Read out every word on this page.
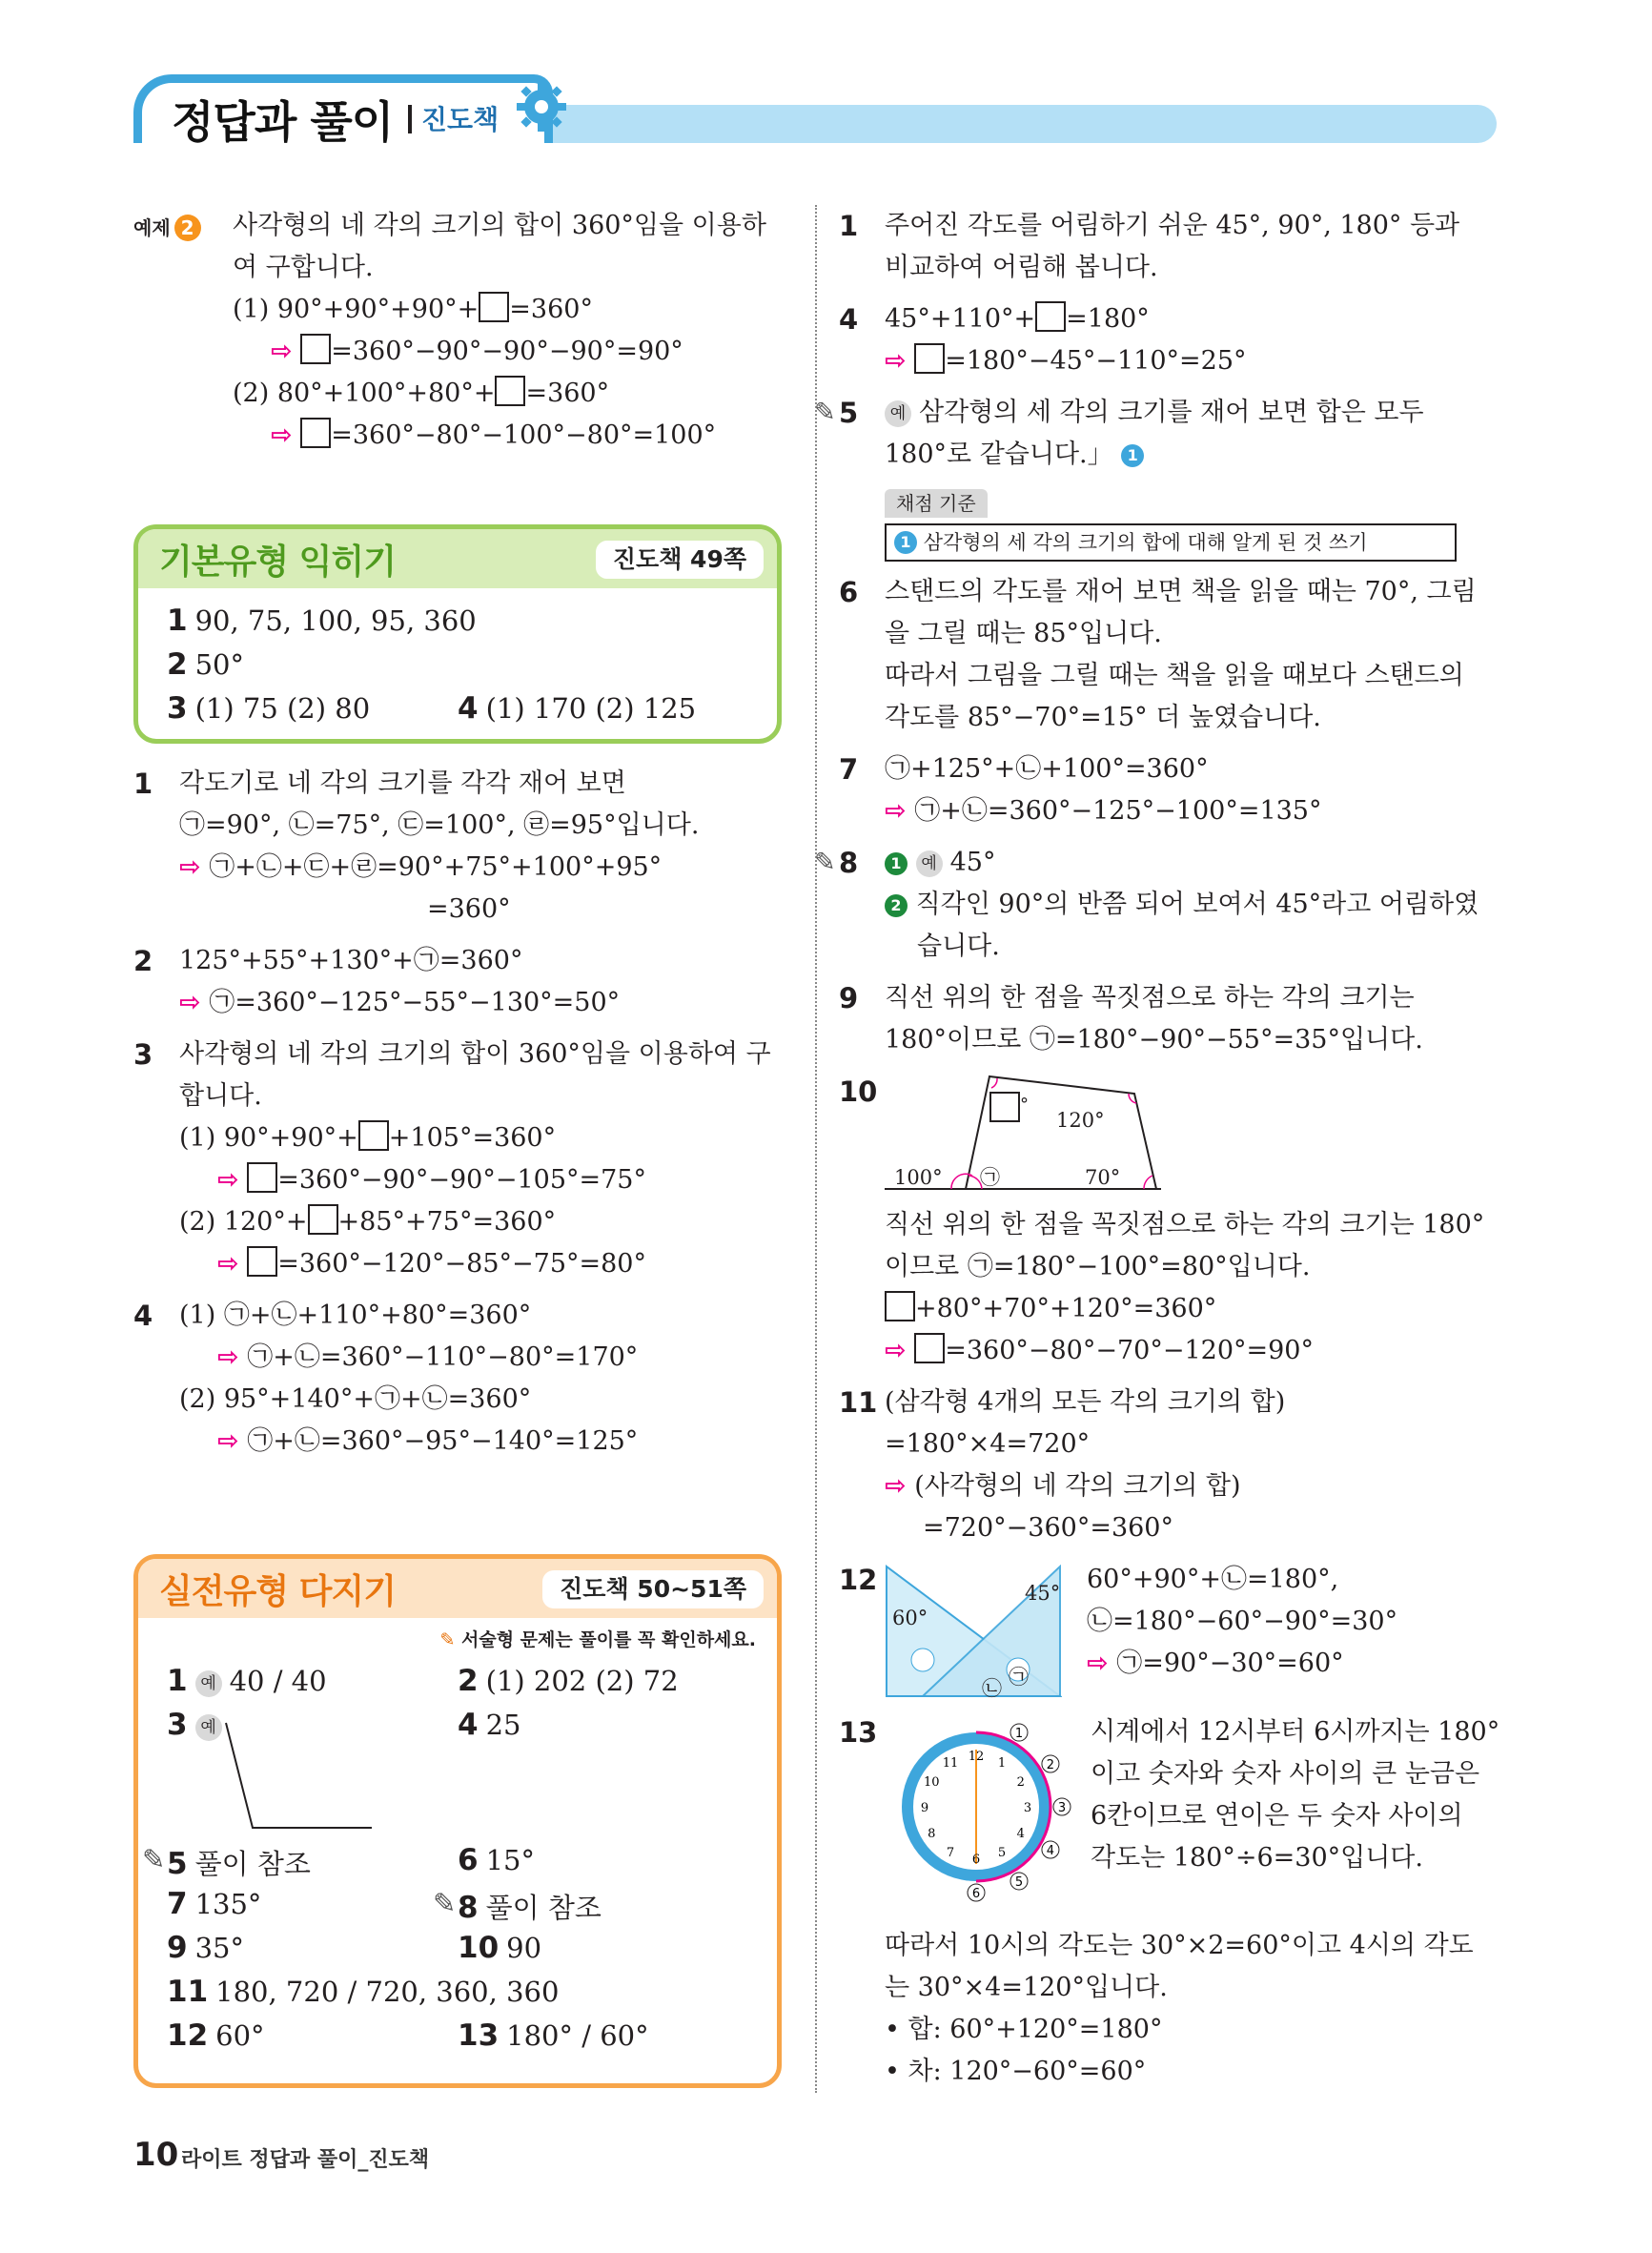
정답과 풀이 진도책
예제 2 사각형의 네 각의 크기의 합이 360°임을 이용하
여 구합니다.
(1) 90°+90°+90°+ =360°
⇨ =360°−90°−90°−90°=90°
(2) 80°+100°+80°+ =360°
⇨ =360°−80°−100°−80°=100°
기본유형 익히기	진도책 49쪽
1 90, 75, 100, 95, 360
2 50°
3 (1) 75 (2) 80	4 (1) 170 (2) 125
1 각도기로 네 각의 크기를 각각 재어 보면
㉠=90°, ㉡=75°, ㉢=100°, ㉣=95°입니다.
⇨ ㉠+㉡+㉢+㉣=90°+75°+100°+95°
=360°
2 125°+55°+130°+㉠=360°
⇨ ㉠=360°−125°−55°−130°=50°
3 사각형의 네 각의 크기의 합이 360°임을 이용하여 구
합니다.
(1) 90°+90°+ +105°=360°
⇨ =360°−90°−90°−105°=75°
(2) 120°+ +85°+75°=360°
⇨ =360°−120°−85°−75°=80°
4 (1) ㉠+㉡+110°+80°=360°
⇨ ㉠+㉡=360°−110°−80°=170°
(2) 95°+140°+㉠+㉡=360°
⇨ ㉠+㉡=360°−95°−140°=125°
실전유형 다지기	진도책 50~51쪽
✎ 서술형 문제는 풀이를 꼭 확인하세요.
1 예 40 / 40	2 (1) 202 (2) 72
3 예	4 25
✎ 5 풀이 참조	6 15°
7 135°	✎ 8 풀이 참조
9 35°	10 90
11 180, 720 / 720, 360, 360
12 60°	13 180° / 60°
1 주어진 각도를 어림하기 쉬운 45°, 90°, 180° 등과
비교하여 어림해 봅니다.
4 45°+110°+ =180°
⇨ =180°−45°−110°=25°
5
✎	예 삼각형의 세 각의 크기를 재어 보면 합은 모두
180°로 같습니다.」 1
채점 기준
1 삼각형의 세 각의 크기의 합에 대해 알게 된 것 쓰기
6 스탠드의 각도를 재어 보면 책을 읽을 때는 70°, 그림
을 그릴 때는 85°입니다.
따라서 그림을 그릴 때는 책을 읽을 때보다 스탠드의
각도를 85°−70°=15° 더 높였습니다.
7 ㉠+125°+㉡+100°=360°
⇨ ㉠+㉡=360°−125°−100°=135°
8
✎	1 예 45°
2 직각인 90°의 반쯤 되어 보여서 45°라고 어림하였
습니다.
9 직선 위의 한 점을 꼭짓점으로 하는 각의 크기는
180°이므로 ㉠=180°−90°−55°=35°입니다.
10	°
120°
100° ㉠	70°
직선 위의 한 점을 꼭짓점으로 하는 각의 크기는 180°
이므로 ㉠=180°−100°=80°입니다.
+80°+70°+120°=360°
⇨ =360°−80°−70°−120°=90°
11 (삼각형 4개의 모든 각의 크기의 합)
=180°×4=720°
⇨ (사각형의 네 각의 크기의 합)
=720°−360°=360°
12	45°
60°
㉡ ㉠
60°+90°+㉡=180°,
㉡=180°−60°−90°=30°
⇨ ㉠=90°−30°=60°
13
12 1
2
3
4
5
6
7
8
9
10
11
1
2
3
4
5
6
시계에서 12시부터 6시까지는 180°
이고 숫자와 숫자 사이의 큰 눈금은
6칸이므로 연이은 두 숫자 사이의
각도는 180°÷6=30°입니다.
따라서 10시의 각도는 30°×2=60°이고 4시의 각도
는 30°×4=120°입니다.
• 합: 60°+120°=180°
• 차: 120°−60°=60°
10 라이트 정답과 풀이_진도책
